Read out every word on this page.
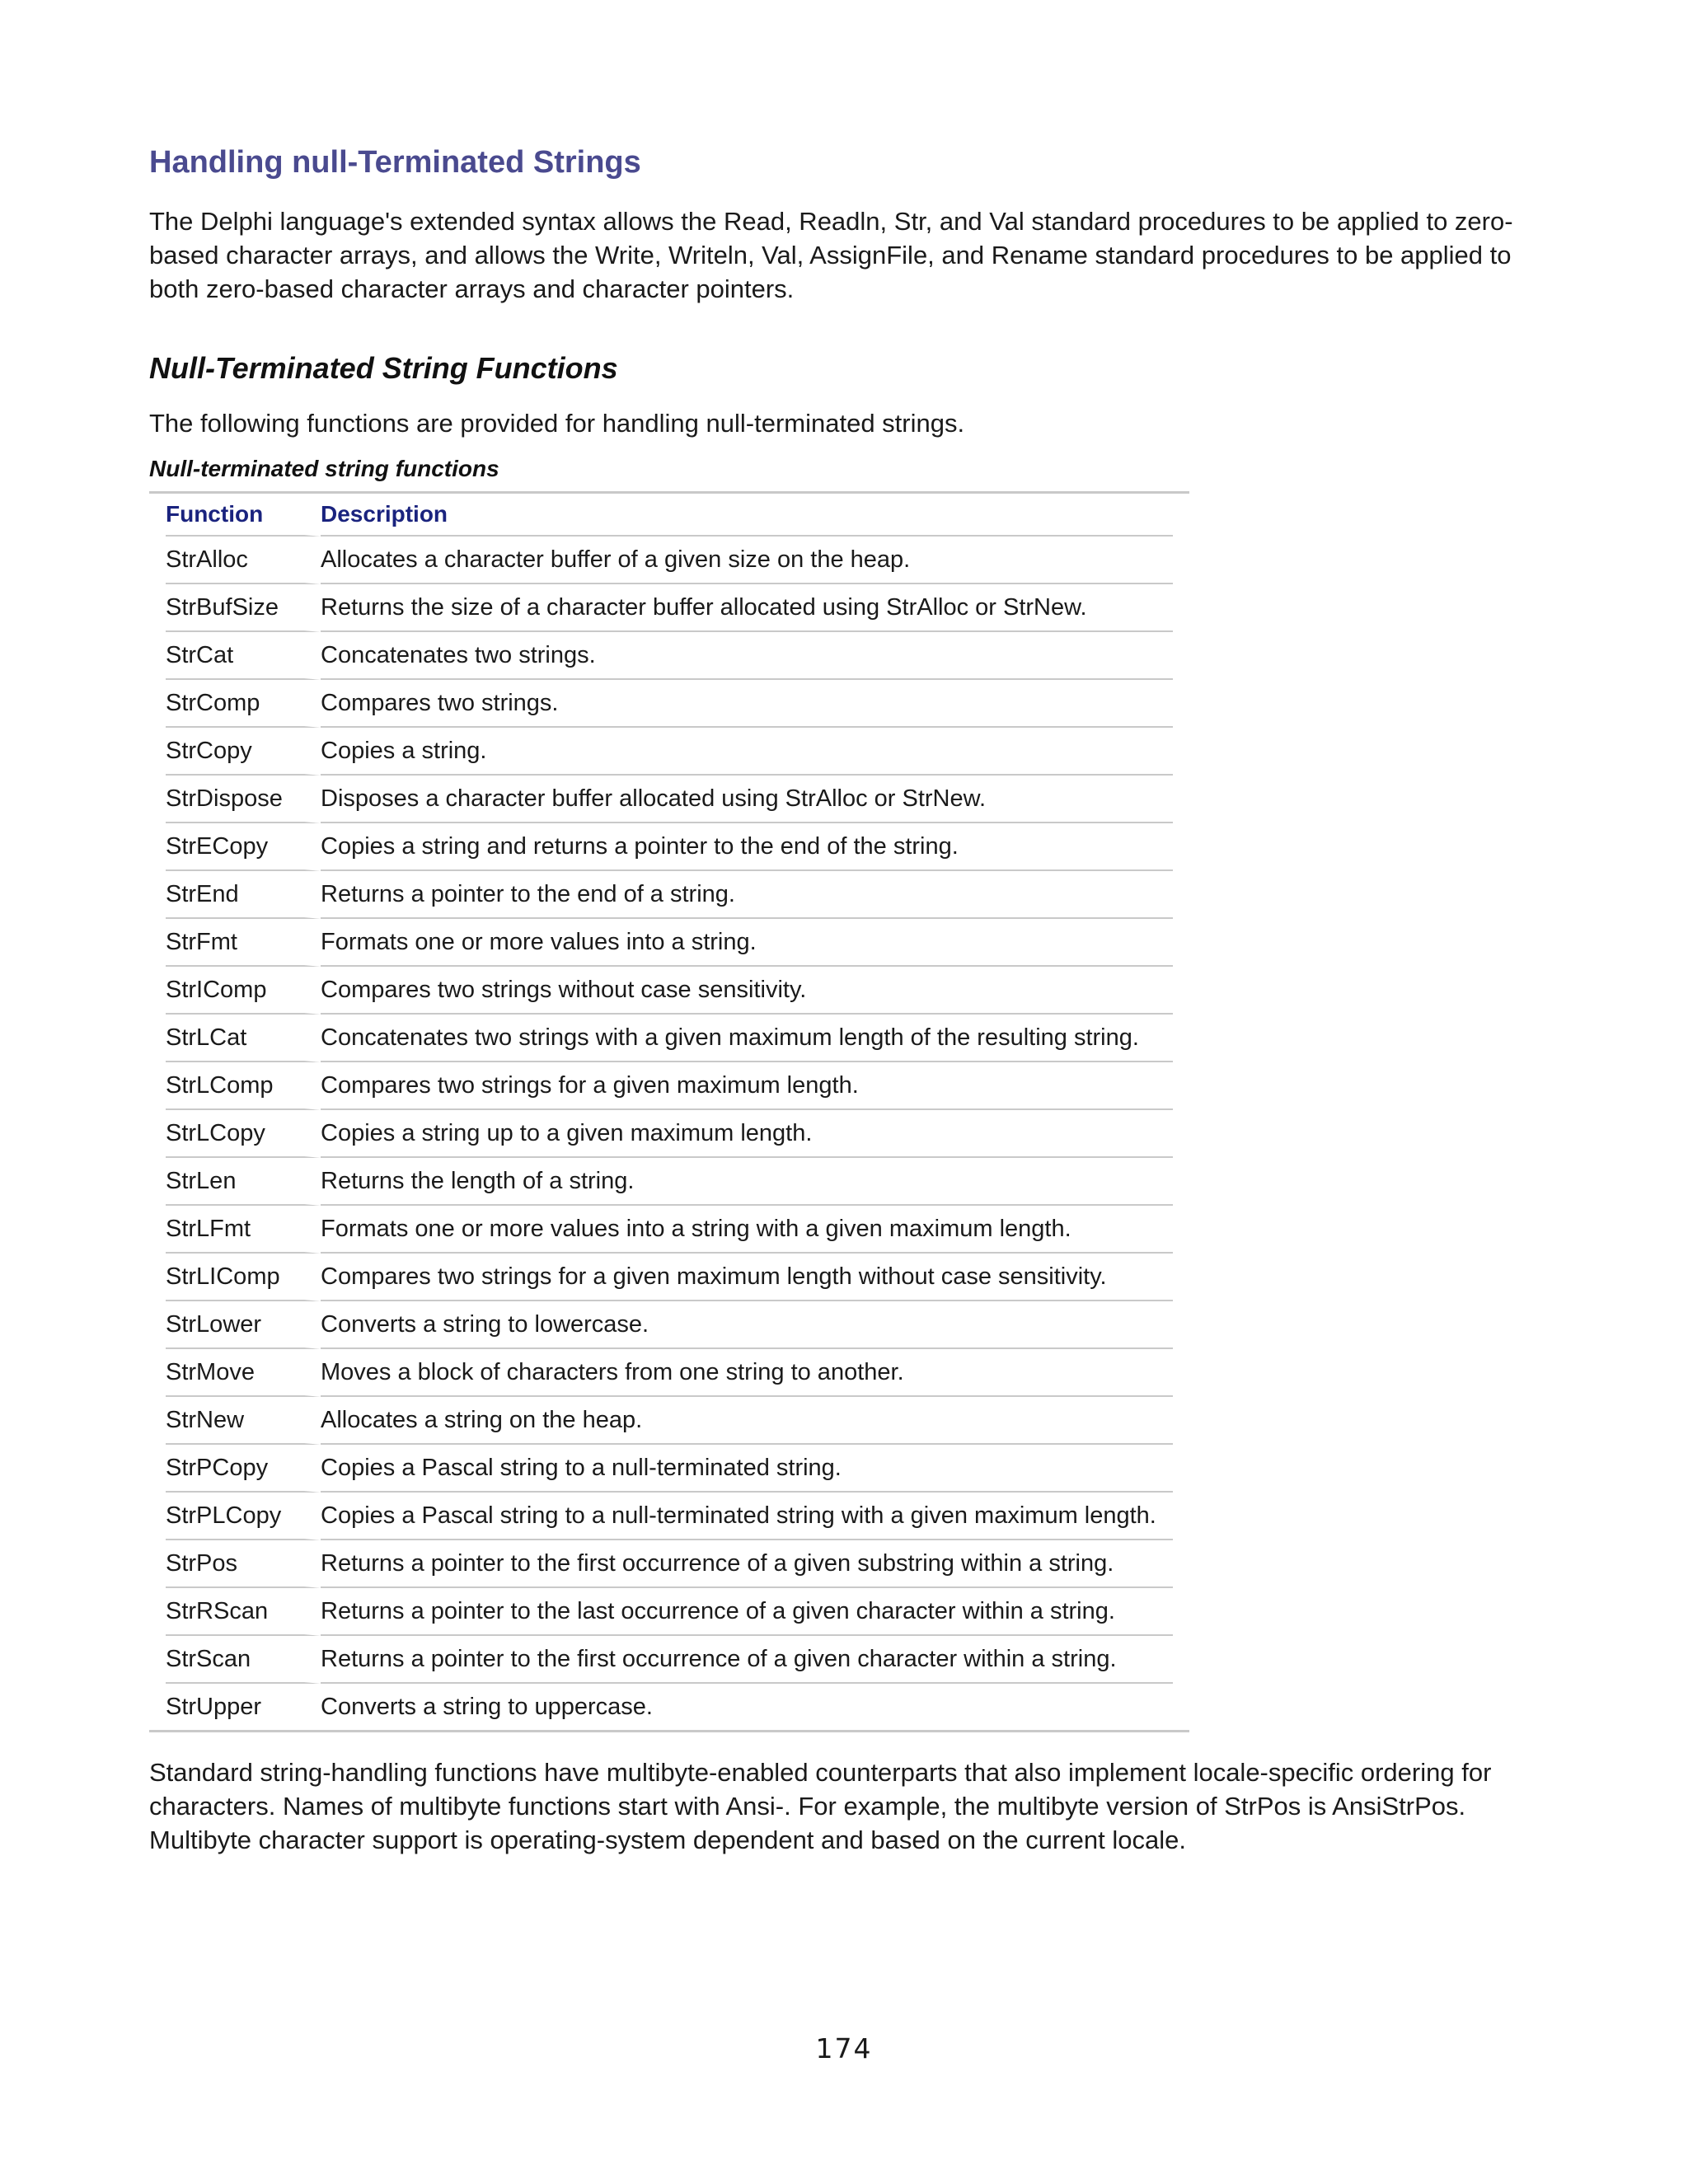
Handling null-Terminated Strings

The Delphi language's extended syntax allows the Read, Readln, Str, and Val standard procedures to be applied to zero-based character arrays, and allows the Write, Writeln, Val, AssignFile, and Rename standard procedures to be applied to both zero-based character arrays and character pointers.

Null-Terminated String Functions

The following functions are provided for handling null-terminated strings.

Null-terminated string functions
Function	Description
StrAlloc	Allocates a character buffer of a given size on the heap.
StrBufSize	Returns the size of a character buffer allocated using StrAlloc or StrNew.
StrCat	Concatenates two strings.
StrComp	Compares two strings.
StrCopy	Copies a string.
StrDispose	Disposes a character buffer allocated using StrAlloc or StrNew.
StrECopy	Copies a string and returns a pointer to the end of the string.
StrEnd	Returns a pointer to the end of a string.
StrFmt	Formats one or more values into a string.
StrIComp	Compares two strings without case sensitivity.
StrLCat	Concatenates two strings with a given maximum length of the resulting string.
StrLComp	Compares two strings for a given maximum length.
StrLCopy	Copies a string up to a given maximum length.
StrLen	Returns the length of a string.
StrLFmt	Formats one or more values into a string with a given maximum length.
StrLIComp	Compares two strings for a given maximum length without case sensitivity.
StrLower	Converts a string to lowercase.
StrMove	Moves a block of characters from one string to another.
StrNew	Allocates a string on the heap.
StrPCopy	Copies a Pascal string to a null-terminated string.
StrPLCopy	Copies a Pascal string to a null-terminated string with a given maximum length.
StrPos	Returns a pointer to the first occurrence of a given substring within a string.
StrRScan	Returns a pointer to the last occurrence of a given character within a string.
StrScan	Returns a pointer to the first occurrence of a given character within a string.
StrUpper	Converts a string to uppercase.

Standard string-handling functions have multibyte-enabled counterparts that also implement locale-specific ordering for characters. Names of multibyte functions start with Ansi-. For example, the multibyte version of StrPos is AnsiStrPos. Multibyte character support is operating-system dependent and based on the current locale.

174
